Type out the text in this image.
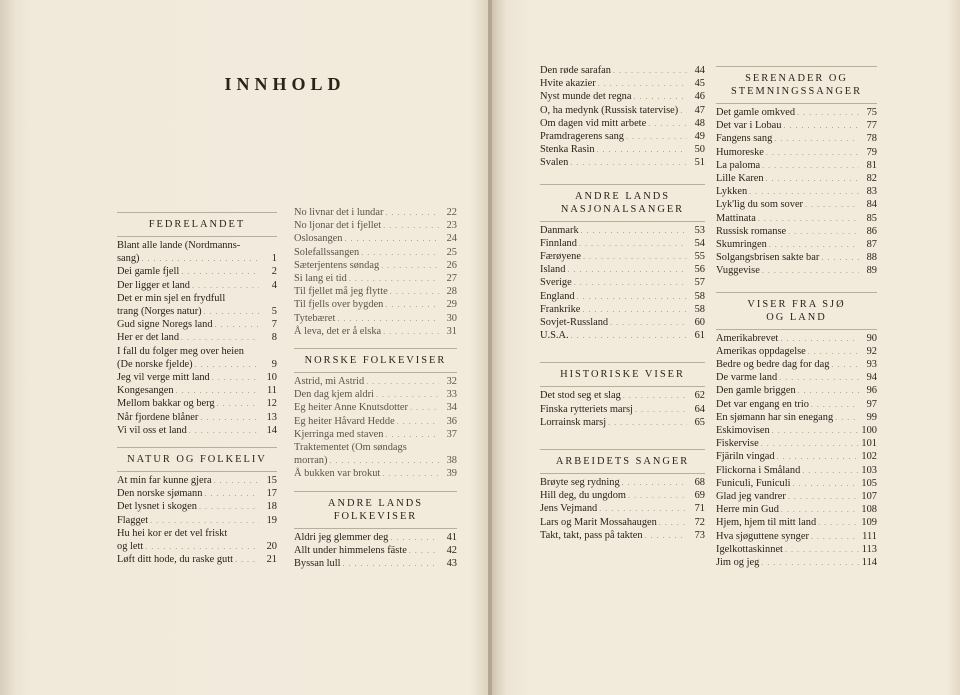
INNHOLD
FEDRELANDET
Blant alle lande (Nordmanns-
sang) . . .	1
Dei gamle fjell . . .	2
Der ligger et land . . .	4
Det er min sjel en frydfull
trang (Norges natur) . . .	5
Gud signe Noregs land . . .	7
Her er det land . . .	8
I fall du folger meg over heien
(De norske fjelde) . . .	9
Jeg vil verge mitt land . . .	10
Kongesangen . . .	11
Mellom bakkar og berg . . .	12
Når fjordene blåner . . .	13
Vi vil oss et land . . .	14
NATUR OG FOLKELIV
At min far kunne gjera . . .	15
Den norske sjømann . . .	17
Det lysnet i skogen . . .	18
Flagget . . .	19
Hu hei kor er det vel friskt
og lett . . .	20
Løft ditt hode, du raske gutt . . .	21
No livnar det i lundar . . .	22
No ljonar det i fjellet . . .	23
Oslosangen . . .	24
Solefallssangen . . .	25
Sæterjentens søndag . . .	26
Si lang ei tid . . .	27
Til fjellet må jeg flytte . . .	28
Til fjells over bygden . . .	29
Tytebæret . . .	30
Å leva, det er å elska . . .	31
NORSKE FOLKEVISER
Astrid, mi Astrid . . .	32
Den dag kjem aldri . . .	33
Eg heiter Anne Knutsdotter . . .	34
Eg heiter Håvard Hedde . . .	36
Kjerringa med staven . . .	37
Traktementet (Om søndags
morran) . . .	38
Å bukken var brokut . . .	39
ANDRE LANDS
FOLKEVISER
Aldri jeg glemmer deg . . .	41
Allt under himmelens fäste . . .	42
Byssan lull . . .	43
Den røde sarafan . . .	44
Hvite akazier . . .	45
Nyst munde det regna . . .	46
O, ha medynk (Russisk tatervise) . . .	47
Om dagen vid mitt arbete . . .	48
Pramdragerens sang . . .	49
Stenka Rasin . . .	50
Svalen . . .	51
ANDRE LANDS
NASJONALSANGER
Danmark . . .	53
Finnland . . .	54
Færøyene . . .	55
Island . . .	56
Sverige . . .	57
England . . .	58
Frankrike . . .	58
Sovjet-Russland . . .	60
U.S.A. . . .	61
HISTORISKE VISER
Det stod seg et slag . . .	62
Finska rytteriets marsj . . .	64
Lorrainsk marsj . . .	65
ARBEIDETS SANGER
Brøyte seg rydning . . .	68
Hill deg, du ungdom . . .	69
Jens Vejmand . . .	71
Lars og Marit Mossahaugen . . .	72
Takt, takt, pass på takten . . .	73
SERENADER OG
STEMNINGSSANGER
Det gamle omkved . . .	75
Det var i Lobau . . .	77
Fangens sang . . .	78
Humoreske . . .	79
La paloma . . .	81
Lille Karen . . .	82
Lykken . . .	83
Lyk'lig du som sover . . .	84
Mattinata . . .	85
Russisk romanse . . .	86
Skumringen . . .	87
Solgangsbrisen sakte bar . . .	88
Vuggevise . . .	89
VISER FRA SJØ
OG LAND
Amerikabrevet . . .	90
Amerikas oppdagelse . . .	92
Bedre og bedre dag for dag . . .	93
De varme land . . .	94
Den gamle briggen . . .	96
Det var engang en trio . . .	97
En sjømann har sin enegang . . .	99
Eskimovisen . . .	100
Fiskervise . . .	101
Fjäriln vingad . . .	102
Flickorna i Småland . . .	103
Funiculi, Funiculi . . .	105
Glad jeg vandrer . . .	107
Herre min Gud . . .	108
Hjem, hjem til mitt land . . .	109
Hva sjøguttene synger . . .	111
Igelkottaskinnet . . .	113
Jim og jeg . . .	114
